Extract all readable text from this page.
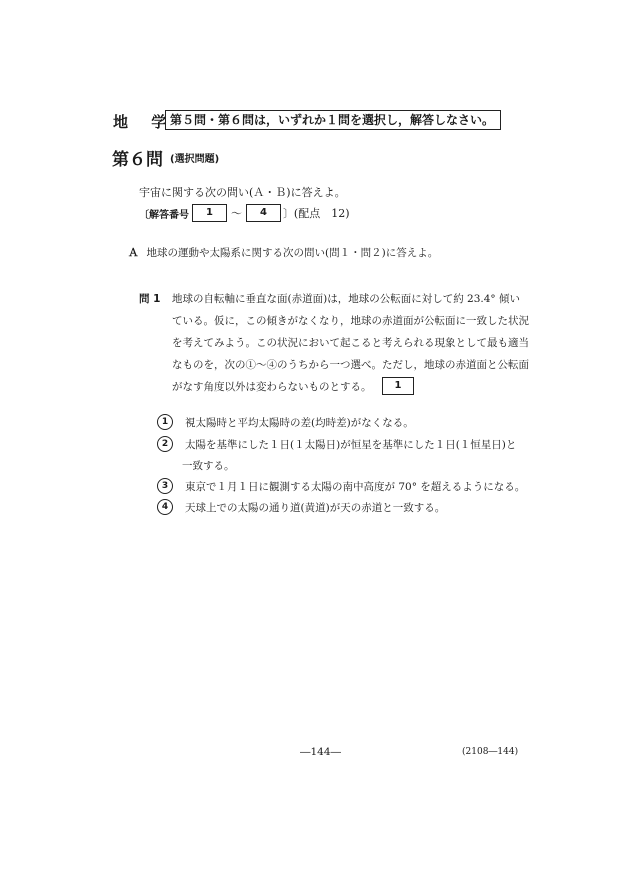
地 学
第５問・第６問は，いずれか１問を選択し，解答しなさい。
第６問 (選択問題)
宇宙に関する次の問い(Ａ・Ｂ)に答えよ。
〔解答番号	1	～	4	〕(配点　12)
Ａ 地球の運動や太陽系に関する次の問い(問１・問２)に答えよ。
問 1 地球の自転軸に垂直な面(赤道面)は，地球の公転面に対して約 23.4° 傾い
ている。仮に，この傾きがなくなり，地球の赤道面が公転面に一致した状況
を考えてみよう。この状況において起こると考えられる現象として最も適当
なものを，次の①～④のうちから一つ選べ。ただし，地球の赤道面と公転面
がなす角度以外は変わらないものとする。	1
1	視太陽時と平均太陽時の差(均時差)がなくなる。
2	太陽を基準にした１日(１太陽日)が恒星を基準にした１日(１恒星日)と
一致する。
3	東京で１月１日に観測する太陽の南中高度が 70° を超えるようになる。
4	天球上での太陽の通り道(黄道)が天の赤道と一致する。
―144―	(2108―144)
